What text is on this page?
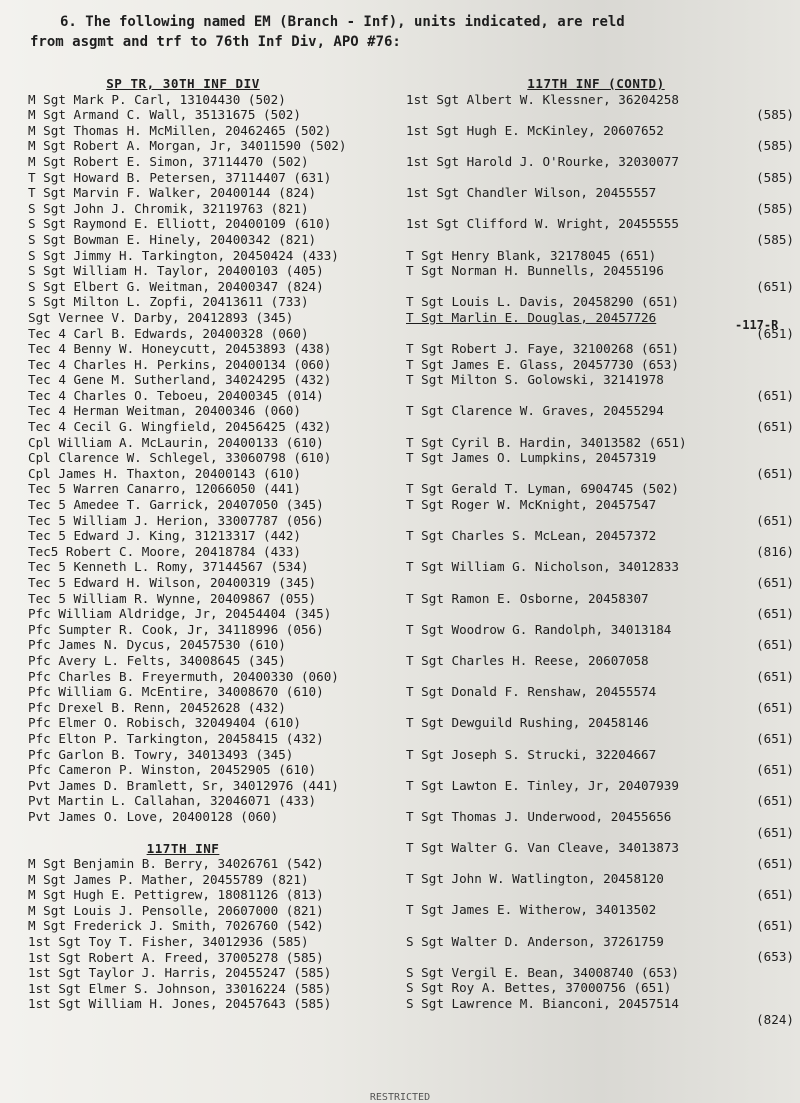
6. The following named EM (Branch - Inf), units indicated, are reld
from asgmt and trf to 76th Inf Div, APO #76:
SP TR, 30TH INF DIV
M Sgt Mark P. Carl, 13104430 (502)
M Sgt Armand C. Wall, 35131675 (502)
M Sgt Thomas H. McMillen, 20462465 (502)
M Sgt Robert A. Morgan, Jr, 34011590 (502)
M Sgt Robert E. Simon, 37114470 (502)
T Sgt Howard B. Petersen, 37114407 (631)
T Sgt Marvin F. Walker, 20400144 (824)
S Sgt John J. Chromik, 32119763 (821)
S Sgt Raymond E. Elliott, 20400109 (610)
S Sgt Bowman E. Hinely, 20400342 (821)
S Sgt Jimmy H. Tarkington, 20450424 (433)
S Sgt William H. Taylor, 20400103 (405)
S Sgt Elbert G. Weitman, 20400347 (824)
S Sgt Milton L. Zopfi, 20413611 (733)
Sgt Vernee V. Darby, 20412893 (345)
Tec 4 Carl B. Edwards, 20400328 (060)
Tec 4 Benny W. Honeycutt, 20453893 (438)
Tec 4 Charles H. Perkins, 20400134 (060)
Tec 4 Gene M. Sutherland, 34024295 (432)
Tec 4 Charles O. Teboeu, 20400345 (014)
Tec 4 Herman Weitman, 20400346 (060)
Tec 4 Cecil G. Wingfield, 20456425 (432)
Cpl William A. McLaurin, 20400133 (610)
Cpl Clarence W. Schlegel, 33060798 (610)
Cpl James H. Thaxton, 20400143 (610)
Tec 5 Warren Canarro, 12066050 (441)
Tec 5 Amedee T. Garrick, 20407050 (345)
Tec 5 William J. Herion, 33007787 (056)
Tec 5 Edward J. King, 31213317 (442)
Tec5 Robert C. Moore, 20418784 (433)
Tec 5 Kenneth L. Romy, 37144567 (534)
Tec 5 Edward H. Wilson, 20400319 (345)
Tec 5 William R. Wynne, 20409867 (055)
Pfc William Aldridge, Jr, 20454404 (345)
Pfc Sumpter R. Cook, Jr, 34118996 (056)
Pfc James N. Dycus, 20457530 (610)
Pfc Avery L. Felts, 34008645 (345)
Pfc Charles B. Freyermuth, 20400330 (060)
Pfc William G. McEntire, 34008670 (610)
Pfc Drexel B. Renn, 20452628 (432)
Pfc Elmer O. Robisch, 32049404 (610)
Pfc Elton P. Tarkington, 20458415 (432)
Pfc Garlon B. Towry, 34013493 (345)
Pfc Cameron P. Winston, 20452905 (610)
Pvt James D. Bramlett, Sr, 34012976 (441)
Pvt Martin L. Callahan, 32046071 (433)
Pvt James O. Love, 20400128 (060)
117TH INF
M Sgt Benjamin B. Berry, 34026761 (542)
M Sgt James P. Mather, 20455789 (821)
M Sgt Hugh E. Pettigrew, 18081126 (813)
M Sgt Louis J. Pensolle, 20607000 (821)
M Sgt Frederick J. Smith, 7026760 (542)
1st Sgt Toy T. Fisher, 34012936 (585)
1st Sgt Robert A. Freed, 37005278 (585)
1st Sgt Taylor J. Harris, 20455247 (585)
1st Sgt Elmer S. Johnson, 33016224 (585)
1st Sgt William H. Jones, 20457643 (585)
117TH INF (CONTD)
1st Sgt Albert W. Klessner, 36204258
(585)
1st Sgt Hugh E. McKinley, 20607652
(585)
1st Sgt Harold J. O'Rourke, 32030077
(585)
1st Sgt Chandler Wilson, 20455557
(585)
1st Sgt Clifford W. Wright, 20455555
(585)
T Sgt Henry Blank, 32178045 (651)
T Sgt Norman H. Bunnells, 20455196
(651)
T Sgt Louis L. Davis, 20458290 (651)
T Sgt Marlin E. Douglas, 20457726
(651)
T Sgt Robert J. Faye, 32100268 (651)
T Sgt James E. Glass, 20457730 (653)
T Sgt Milton S. Golowski, 32141978
(651)
T Sgt Clarence W. Graves, 20455294
(651)
T Sgt Cyril B. Hardin, 34013582 (651)
T Sgt James O. Lumpkins, 20457319
(651)
T Sgt Gerald T. Lyman, 6904745 (502)
T Sgt Roger W. McKnight, 20457547
(651)
T Sgt Charles S. McLean, 20457372
(816)
T Sgt William G. Nicholson, 34012833
(651)
T Sgt Ramon E. Osborne, 20458307
(651)
T Sgt Woodrow G. Randolph, 34013184
(651)
T Sgt Charles H. Reese, 20607058
(651)
T Sgt Donald F. Renshaw, 20455574
(651)
T Sgt Dewguild Rushing, 20458146
(651)
T Sgt Joseph S. Strucki, 32204667
(651)
T Sgt Lawton E. Tinley, Jr, 20407939
(651)
T Sgt Thomas J. Underwood, 20455656
(651)
T Sgt Walter G. Van Cleave, 34013873
(651)
T Sgt John W. Watlington, 20458120
(651)
T Sgt James E. Witherow, 34013502
(651)
S Sgt Walter D. Anderson, 37261759
(653)
S Sgt Vergil E. Bean, 34008740 (653)
S Sgt Roy A. Bettes, 37000756 (651)
S Sgt Lawrence M. Bianconi, 20457514
(824)
-117-R
RESTRICTED
